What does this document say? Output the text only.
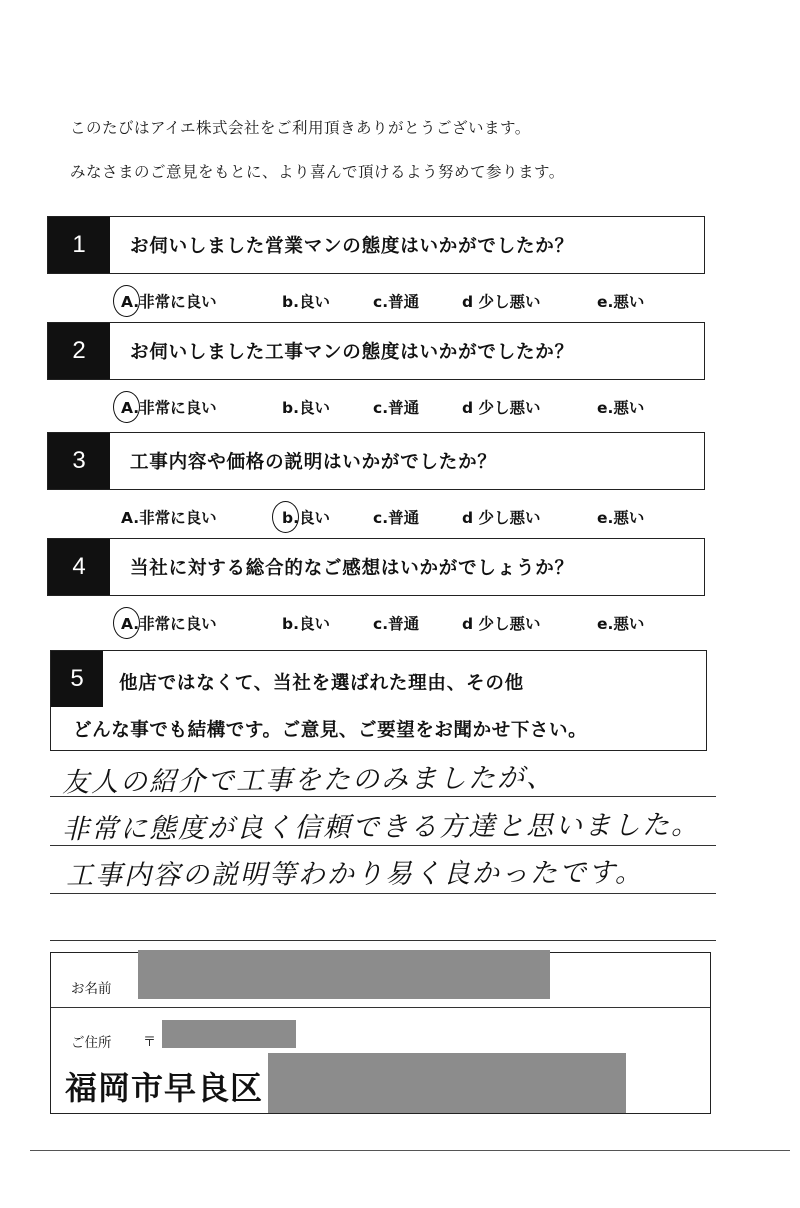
このたびはアイエ株式会社をご利用頂きありがとうございます。
みなさまのご意見をもとに、より喜んで頂けるよう努めて参ります。
1	お伺いしました営業マンの態度はいかがでしたか？
A.非常に良い	b.良い	c.普通	d 少し悪い	e.悪い
2	お伺いしました工事マンの態度はいかがでしたか？
A.非常に良い	b.良い	c.普通	d 少し悪い	e.悪い
3	工事内容や価格の説明はいかがでしたか？
A.非常に良い	b.良い	c.普通	d 少し悪い	e.悪い
4	当社に対する総合的なご感想はいかがでしょうか？
A.非常に良い	b.良い	c.普通	d 少し悪い	e.悪い
5	他店ではなくて、当社を選ばれた理由、その他
どんな事でも結構です。ご意見、ご要望をお聞かせ下さい。
友人の紹介で工事をたのみましたが、
非常に態度が良く信頼できる方達と思いました。
工事内容の説明等わかり易く良かったです。
お名前
ご住所 〒
福岡市早良区
